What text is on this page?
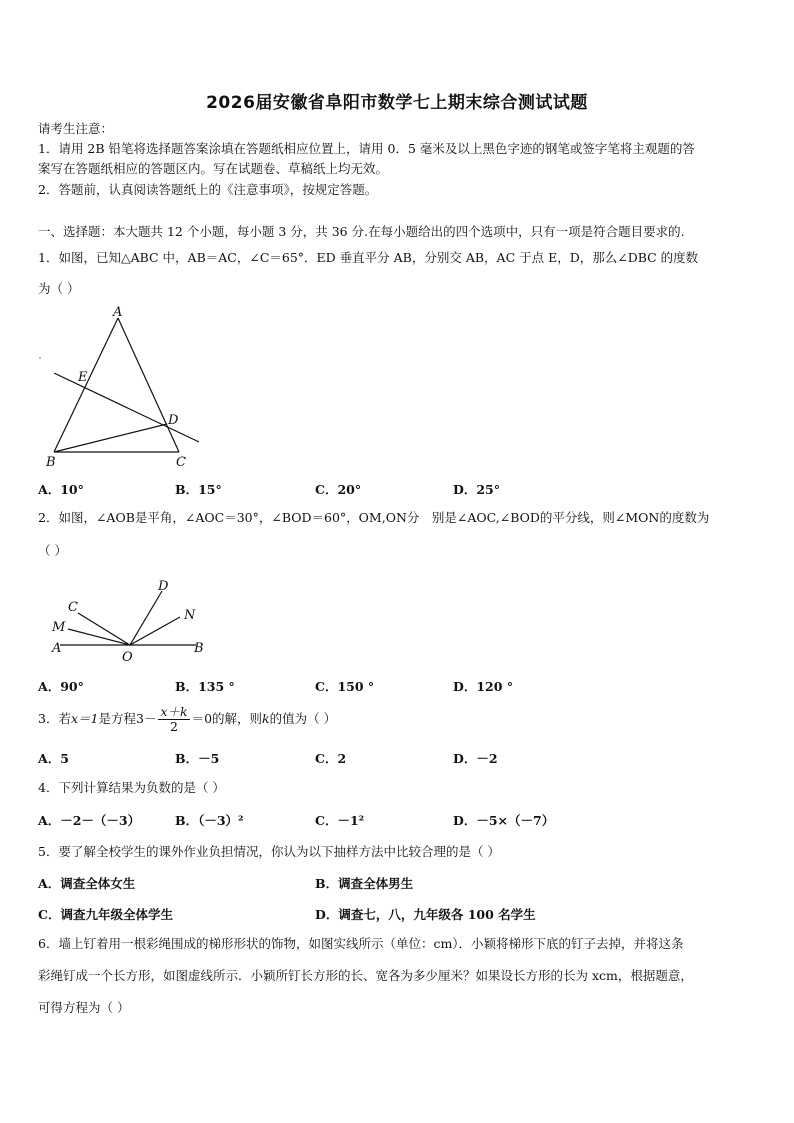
2026届安徽省阜阳市数学七上期末综合测试试题
请考生注意：
1．请用 2B 铅笔将选择题答案涂填在答题纸相应位置上，请用 0．5 毫米及以上黑色字迹的钢笔或签字笔将主观题的答
案写在答题纸相应的答题区内。写在试题卷、草稿纸上均无效。
2．答题前，认真阅读答题纸上的《注意事项》，按规定答题。
一、选择题：本大题共 12 个小题，每小题 3 分，共 36 分.在每小题给出的四个选项中，只有一项是符合题目要求的.
1．如图，已知△ABC 中，AB＝AC，∠C＝65°．ED 垂直平分 AB，分别交 AB，AC 于点 E，D，那么∠DBC 的度数
为（ ）
A
E
D
B	C
A．10°	B．15°	C．20°	D．25°
2．如图，∠AOB是平角，∠AOC＝30°，∠BOD＝60°，OM,ON分　别是∠AOC,∠BOD的平分线，则∠MON的度数为
（ ）
D
C
N
M
A
O
B
A．90°	B．135 °	C．150 °	D．120 °
3．若x＝1是方程$3- \frac{x+k}{2} =0$的解，则k的值为（ ）
A．5	B．－5	C．2	D．－2
4．下列计算结果为负数的是（ ）
A．－2－（－3）	B．（－3）²	C．－1²	D．－5×（－7）
5．要了解全校学生的课外作业负担情况，你认为以下抽样方法中比较合理的是（ ）
A．调查全体女生	B．调查全体男生
C．调查九年级全体学生	D．调查七，八，九年级各 100 名学生
6．墙上钉着用一根彩绳围成的梯形形状的饰物，如图实线所示（单位：cm）．小颖将梯形下底的钉子去掉，并将这条
彩绳钉成一个长方形，如图虚线所示．小颖所钉长方形的长、宽各为多少厘米？如果设长方形的长为 xcm，根据题意，
可得方程为（ ）
